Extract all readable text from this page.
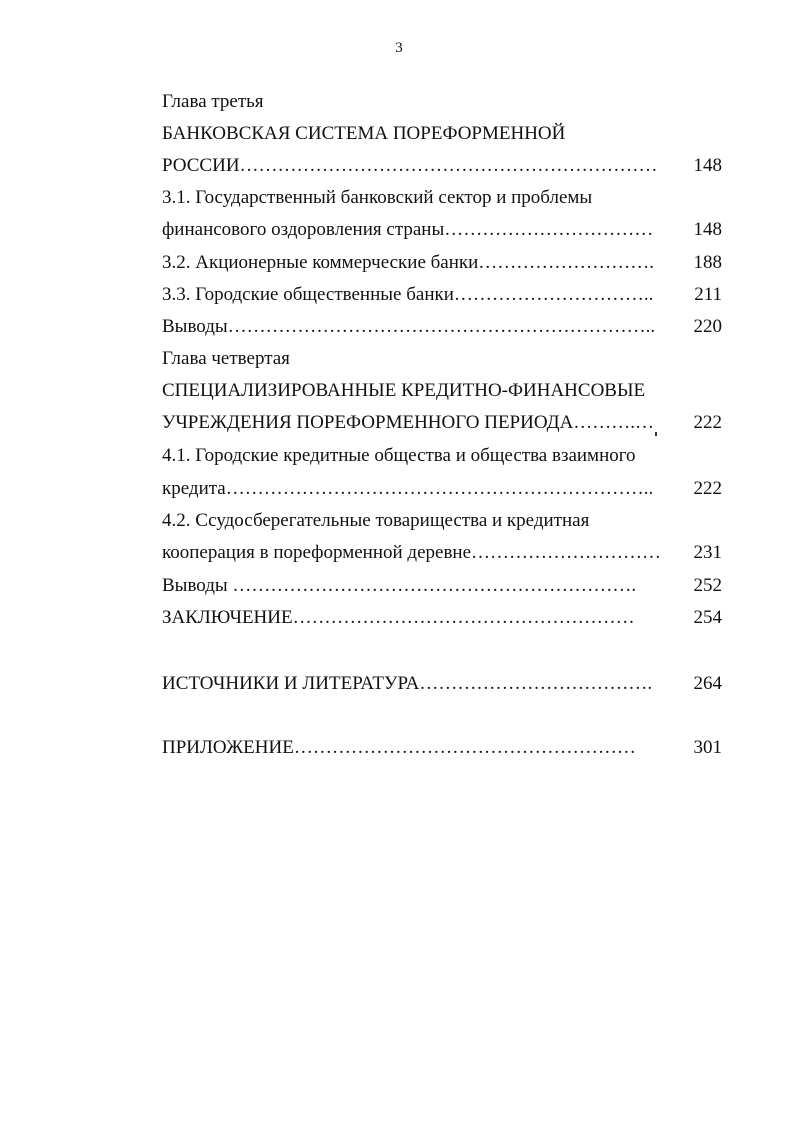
3
Глава третья
БАНКОВСКАЯ СИСТЕМА ПОРЕФОРМЕННОЙ
РОССИИ………………………………………………………… 148
3.1. Государственный банковский сектор и проблемы
финансового оздоровления страны…………………………… 148
3.2. Акционерные коммерческие банки………………………. 188
3.3. Городские общественные банки………………………….. 211
Выводы………………………………………………………….. 220
Глава четвертая
СПЕЦИАЛИЗИРОВАННЫЕ КРЕДИТНО-ФИНАНСОВЫЕ
УЧРЕЖДЕНИЯ ПОРЕФОРМЕННОГО ПЕРИОДА……….… 222
4.1. Городские кредитные общества и общества взаимного
кредита………………………………………………………….. 222
4.2. Ссудосберегательные товарищества и кредитная
кооперация в пореформенной деревне………………………… 231
Выводы ……………………………………………………….	252
ЗАКЛЮЧЕНИЕ………………………………………………	254
ИСТОЧНИКИ И ЛИТЕРАТУРА………………………………. 264
ПРИЛОЖЕНИЕ………………………………………………	301
